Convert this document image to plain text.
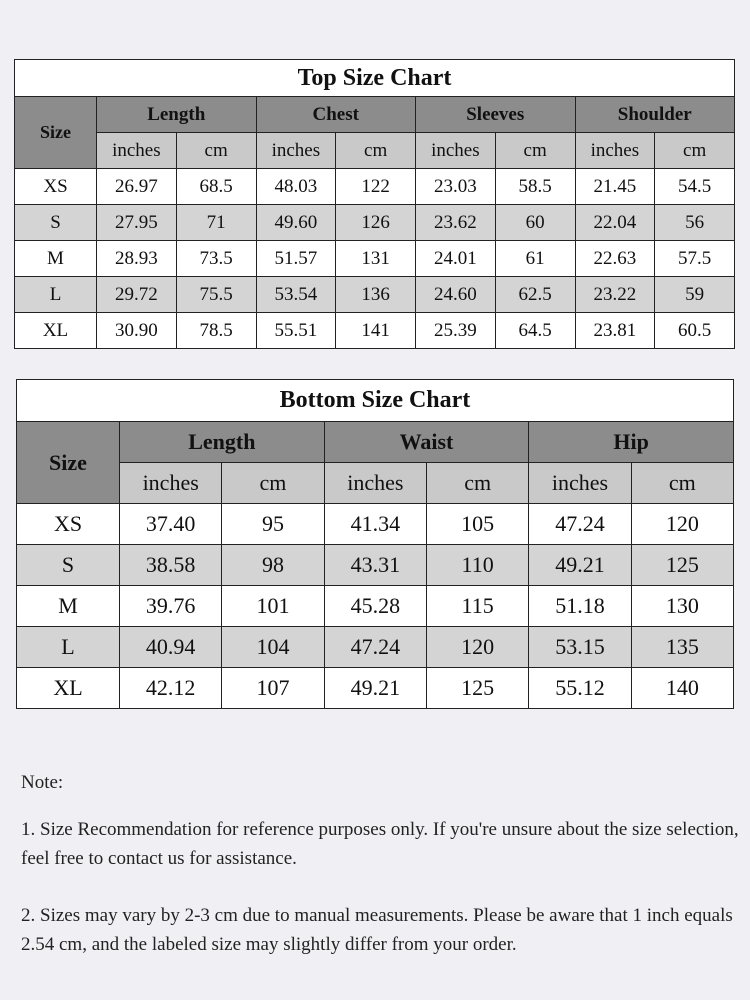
Top Size Chart								
Size	Length		Chest		Sleeves		Shoulder	
	inches	cm	inches	cm	inches	cm	inches	cm
XS	26.97	68.5	48.03	122	23.03	58.5	21.45	54.5
S	27.95	71	49.60	126	23.62	60	22.04	56
M	28.93	73.5	51.57	131	24.01	61	22.63	57.5
L	29.72	75.5	53.54	136	24.60	62.5	23.22	59
XL	30.90	78.5	55.51	141	25.39	64.5	23.81	60.5
Bottom Size Chart						
Size	Length		Waist		Hip	
	inches	cm	inches	cm	inches	cm
XS	37.40	95	41.34	105	47.24	120
S	38.58	98	43.31	110	49.21	125
M	39.76	101	45.28	115	51.18	130
L	40.94	104	47.24	120	53.15	135
XL	42.12	107	49.21	125	55.12	140

Note:

1. Size Recommendation for reference purposes only. If you're unsure about the size selection, feel free to contact us for assistance.

2. Sizes may vary by 2-3 cm due to manual measurements. Please be aware that 1 inch equals 2.54 cm, and the labeled size may slightly differ from your order.
